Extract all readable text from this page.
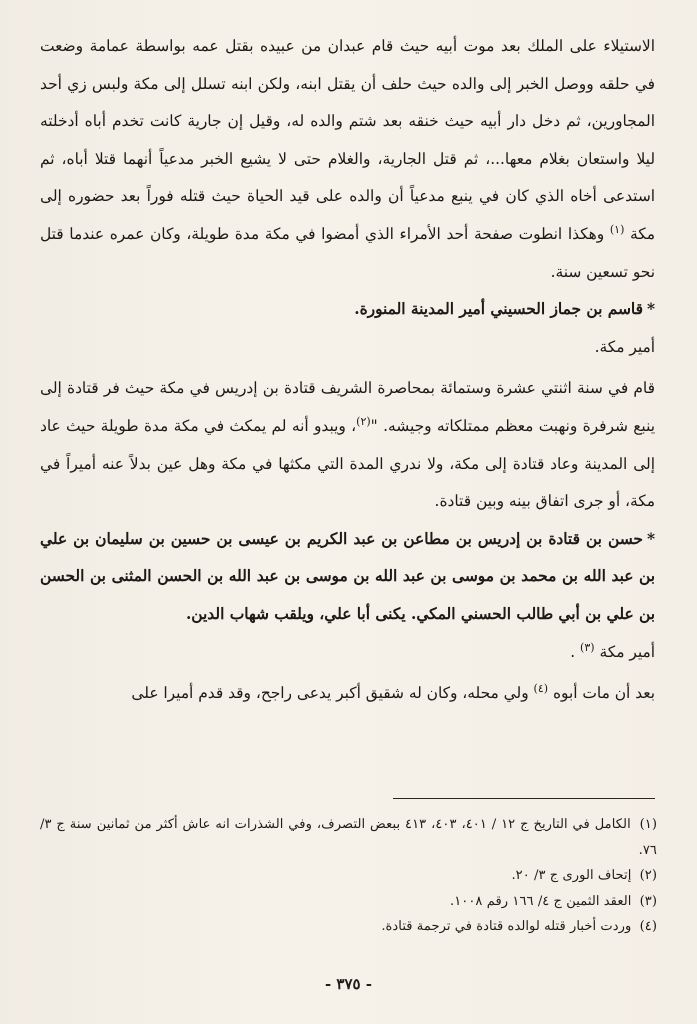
الاستيلاء على الملك بعد موت أبيه حيث قام عبدان من عبيده بقتل عمه بواسطة عمامة وضعت في حلقه ووصل الخبر إلى والده حيث حلف أن يقتل ابنه، ولكن ابنه تسلل إلى مكة ولبس زي أحد المجاورين، ثم دخل دار أبيه حيث خنقه بعد شتم والده له، وقيل إن جارية كانت تخدم أباه أدخلته ليلا واستعان بغلام معها...، ثم قتل الجارية، والغلام حتى لا يشيع الخبر مدعياً أنهما قتلا أباه، ثم استدعى أخاه الذي كان في ينبع مدعياً أن والده على قيد الحياة حيث قتله فوراً بعد حضوره إلى مكة $^{(١)}$ وهكذا انطوت صفحة أحد الأمراء الذي أمضوا في مكة مدة طويلة، وكان عمره عندما قتل نحو تسعين سنة.

*قاسم بن جماز الحسيني أمير المدينة المنورة.

أمير مكة.

قام في سنة اثنتي عشرة وستمائة بمحاصرة الشريف قتادة بن إدريس في مكة حيث فر قتادة إلى ينبع شرفرة ونهبت معظم ممتلكاته وجيشه. "$^{(٢)}$، ويبدو أنه لم يمكث في مكة مدة طويلة حيث عاد إلى المدينة وعاد قتادة إلى مكة، ولا ندري المدة التي مكثها في مكة وهل عين بدلاً عنه أميراً في مكة، أو جرى اتفاق بينه وبين قتادة.

*حسن بن قتادة بن إدريس بن مطاعن بن عبد الكريم بن عيسى بن حسين بن سليمان بن علي بن عبد الله بن محمد بن موسى بن عبد الله بن موسى بن عبد الله بن الحسن المثنى بن الحسن بن علي بن أبي طالب الحسني المكي. يكنى أبا علي، ويلقب شهاب الدين.

أمير مكة $^{(٣)}$ .

بعد أن مات أبوه $^{(٤)}$ ولي محله، وكان له شقيق أكبر يدعى راجح، وقد قدم أميرا على

(١) الكامل في التاريخ ج ١٢ / ٤٠١، ٤٠٣، ٤١٣ ببعض التصرف، وفي الشذرات انه عاش أكثر من ثمانين سنة ج ٣/ ٧٦.

(٢) إتحاف الورى ج ٣/ ٢٠.

(٣) العقد الثمين ج ٤/ ١٦٦ رقم ١٠٠٨.

(٤) وردت أخبار قتله لوالده قتادة في ترجمة قتادة.

- ٣٧٥ -
